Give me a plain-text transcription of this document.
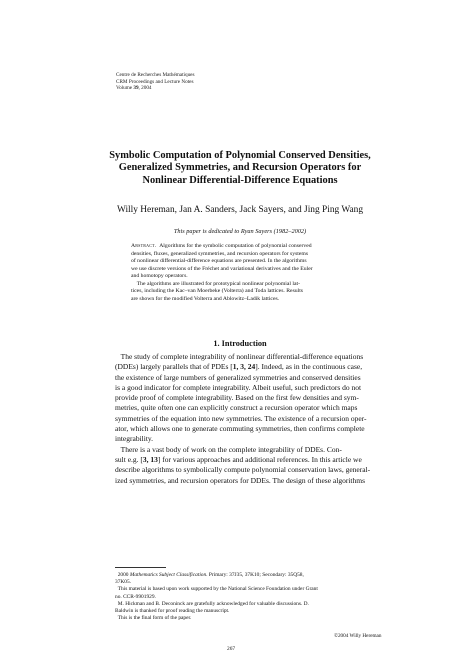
Centre de Recherches Mathématiques
CRM Proceedings and Lecture Notes
Volume 39, 2004
Symbolic Computation of Polynomial Conserved Densities,
Generalized Symmetries, and Recursion Operators for
Nonlinear Differential-Difference Equations
Willy Hereman, Jan A. Sanders, Jack Sayers, and Jing Ping Wang
This paper is dedicated to Ryan Sayers (1982–2002)
Abstract. Algorithms for the symbolic computation of polynomial conserved
densities, fluxes, generalized symmetries, and recursion operators for systems
of nonlinear differential-difference equations are presented. In the algorithms
we use discrete versions of the Fréchet and variational derivatives and the Euler
and homotopy operators.
The algorithms are illustrated for prototypical nonlinear polynomial lat-
tices, including the Kac–van Moerbeke (Volterra) and Toda lattices. Results
are shown for the modified Volterra and Ablowitz–Ladik lattices.
1. Introduction
The study of complete integrability of nonlinear differential-difference equations
(DDEs) largely parallels that of PDEs [1, 3, 24]. Indeed, as in the continuous case,
the existence of large numbers of generalized symmetries and conserved densities
is a good indicator for complete integrability. Albeit useful, such predictors do not
provide proof of complete integrability. Based on the first few densities and sym-
metries, quite often one can explicitly construct a recursion operator which maps
symmetries of the equation into new symmetries. The existence of a recursion oper-
ator, which allows one to generate commuting symmetries, then confirms complete
integrability.
There is a vast body of work on the complete integrability of DDEs. Con-
sult e.g. [3, 13] for various approaches and additional references. In this article we
describe algorithms to symbolically compute polynomial conservation laws, general-
ized symmetries, and recursion operators for DDEs. The design of these algorithms
2000 Mathematics Subject Classification. Primary: 37J35, 37K10; Secondary: 35Q58,
37K05.
This material is based upon work supported by the National Science Foundation under Grant
no. CCR-9901929.
M. Hickman and B. Deconinck are gratefully acknowledged for valuable discussions. D.
Baldwin is thanked for proof reading the manuscript.
This is the final form of the paper.
©2004 Willy Hereman
267
